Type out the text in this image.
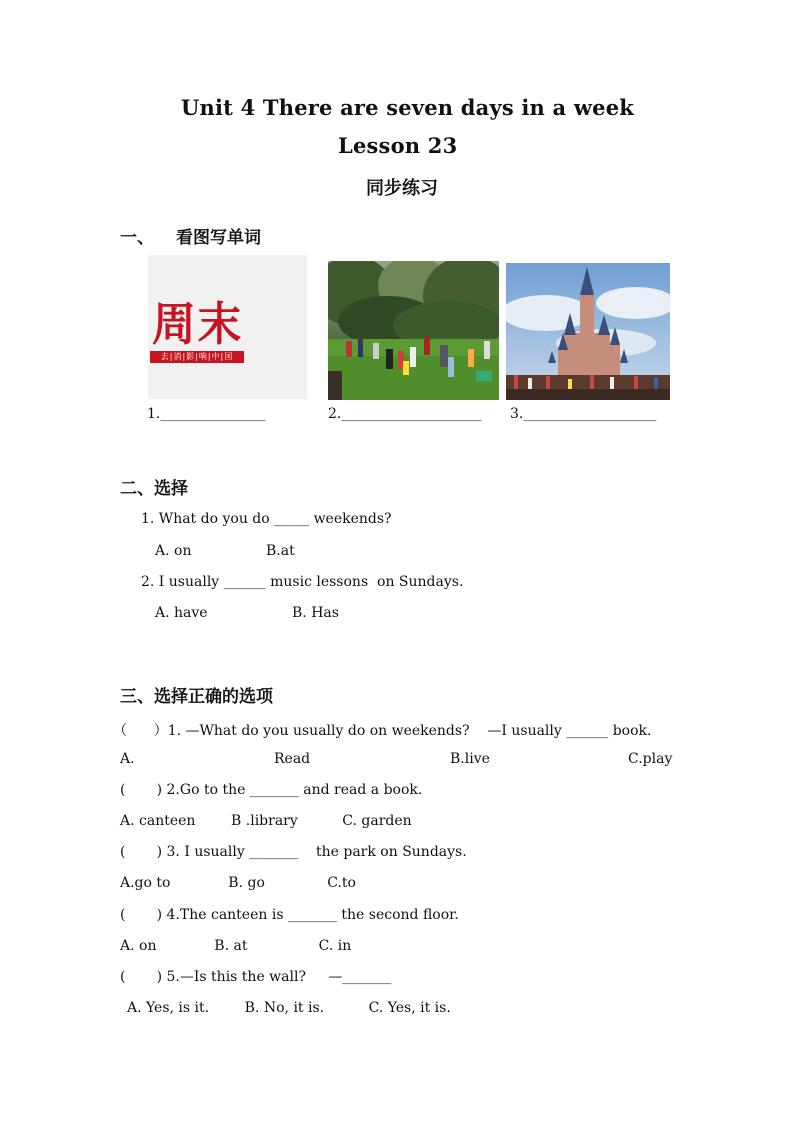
Unit 4 There are seven days in a week
Lesson 23
同步练习
一、 看图写单词
周末
去|消|影|响|中|国
1._______________	2.____________________ 3.___________________
二、选择
1. What do you do _____ weekends?
A. on	B.at
2. I usually ______ music lessons  on Sundays.
A. have	B. Has
三、选择正确的选项
（      ）1. —What do you usually do on weekends?    —I usually ______ book.
A.	Read	B.live	C.play
(       ) 2.Go to the _______ and read a book.
A. canteen        B .library          C. garden
(       ) 3. I usually _______    the park on Sundays.
A.go to             B. go              C.to
(       ) 4.The canteen is _______ the second floor.
A. on             B. at                C. in
(       ) 5.—Is this the wall?     —_______
A. Yes, is it.        B. No, it is.          C. Yes, it is.
